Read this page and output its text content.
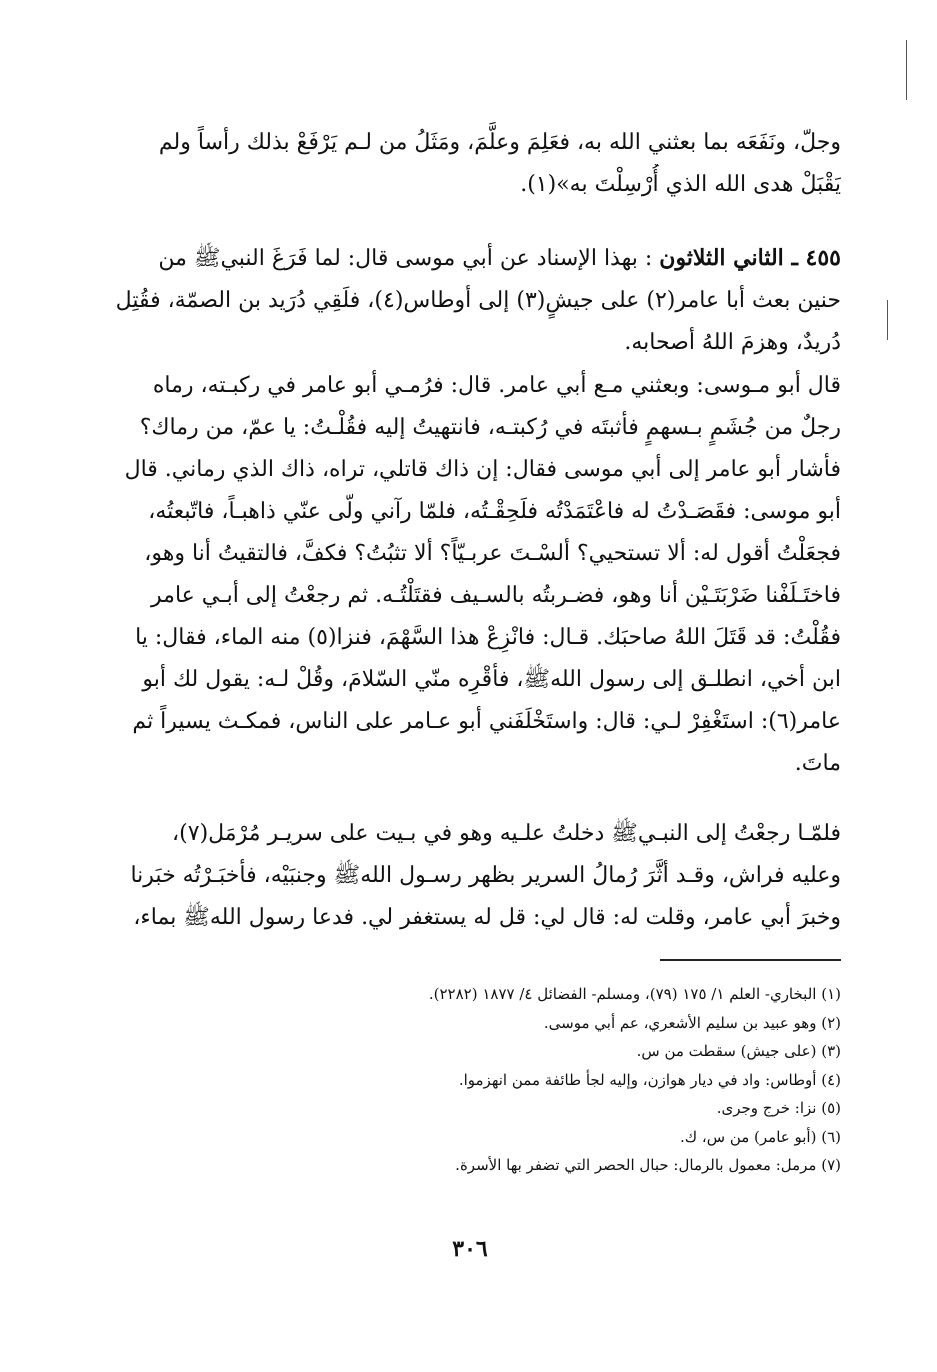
وجلّ، ونَفَعَه بما بعثني الله به، فعَلِمَ وعلَّمَ، ومَثَلُ من لـم يَرْفَعْ بذلك رأساً ولم
يَقْبَلْ هدى الله الذي أُرْسِلْتَ به»(١).
٤٥٥ ـ الثاني الثلاثون : بهذا الإسناد عن أبي موسى قال: لما فَرَغَ النبيﷺ من
حنين بعث أبا عامر(٢) على جيشٍ(٣) إلى أوطاس(٤)، فلَقِي دُرَيد بن الصمّة، فقُتِل
دُريدٌ، وهزمَ اللهُ أصحابه.
قال أبو مـوسى: وبعثني مـع أبي عامر. قال: فرُمـي أبو عامر في ركبـته، رماه
رجلٌ من جُشَمٍ بـسهمٍ فأثبتَه في رُكبتـه، فانتهيتُ إليه فقُلْـتُ: يا عمّ، من رماك؟
فأشار أبو عامر إلى أبي موسى فقال: إن ذاك قاتلي، تراه، ذاك الذي رماني. قال
أبو موسى: فقَصَـدْتُ له فاعْتَمَدْتُه فلَحِقْـتُه، فلمّا رآني ولّى عنّي ذاهبـاً، فاتّبعتُه،
فجعَلْتُ أقول له: ألا تستحيي؟ ألسْـتَ عربـيّاً؟ ألا تثبُتُ؟ فكفَّ، فالتقيتُ أنا وهو،
فاختَـلَفْنا ضَرْبَتَـيْن أنا وهو، فضـربتُه بالسـيف فقتَلْتُـه. ثم رجعْتُ إلى أبـي عامر
فقُلْتُ: قد قَتَلَ اللهُ صاحبَك. قـال: فانْزِعْ هذا السَّهْمَ، فنزا(٥) منه الماء، فقال: يا
ابن أخي، انطلـق إلى رسول اللهﷺ، فأقْرِه منّي السّلامَ، وقُلْ لـه: يقول لك أبو
عامر(٦): استَغْفِرْ لـي: قال: واستَخْلَفَني أبو عـامر على الناس، فمكـث يسيراً ثم
ماتَ.
فلمّـا رجعْتُ إلى النبـيﷺ دخلتُ علـيه وهو في بـيت على سريـر مُرْمَل(٧)،
وعليه فراش، وقـد أثَّرَ رُمالُ السرير بظهر رسـول اللهﷺ وجنبَيْه، فأخبَـرْتُه خبَرنا
وخبرَ أبي عامر، وقلت له: قال لي: قل له يستغفر لي. فدعا رسول اللهﷺ بماء،
(١) البخاري- العلم ١/ ١٧٥ (٧٩)، ومسلم- الفضائل ٤/ ١٨٧٧ (٢٢٨٢).
(٢) وهو عبيد بن سليم الأشعري، عم أبي موسى.
(٣) (على جيش) سقطت من س.
(٤) أوطاس: واد في ديار هوازن، وإليه لجأ طائفة ممن انهزموا.
(٥) نزا: خرج وجرى.
(٦) (أبو عامر) من س، ك.
(٧) مرمل: معمول بالرمال: حبال الحصر التي تضفر بها الأسرة.
٣٠٦
